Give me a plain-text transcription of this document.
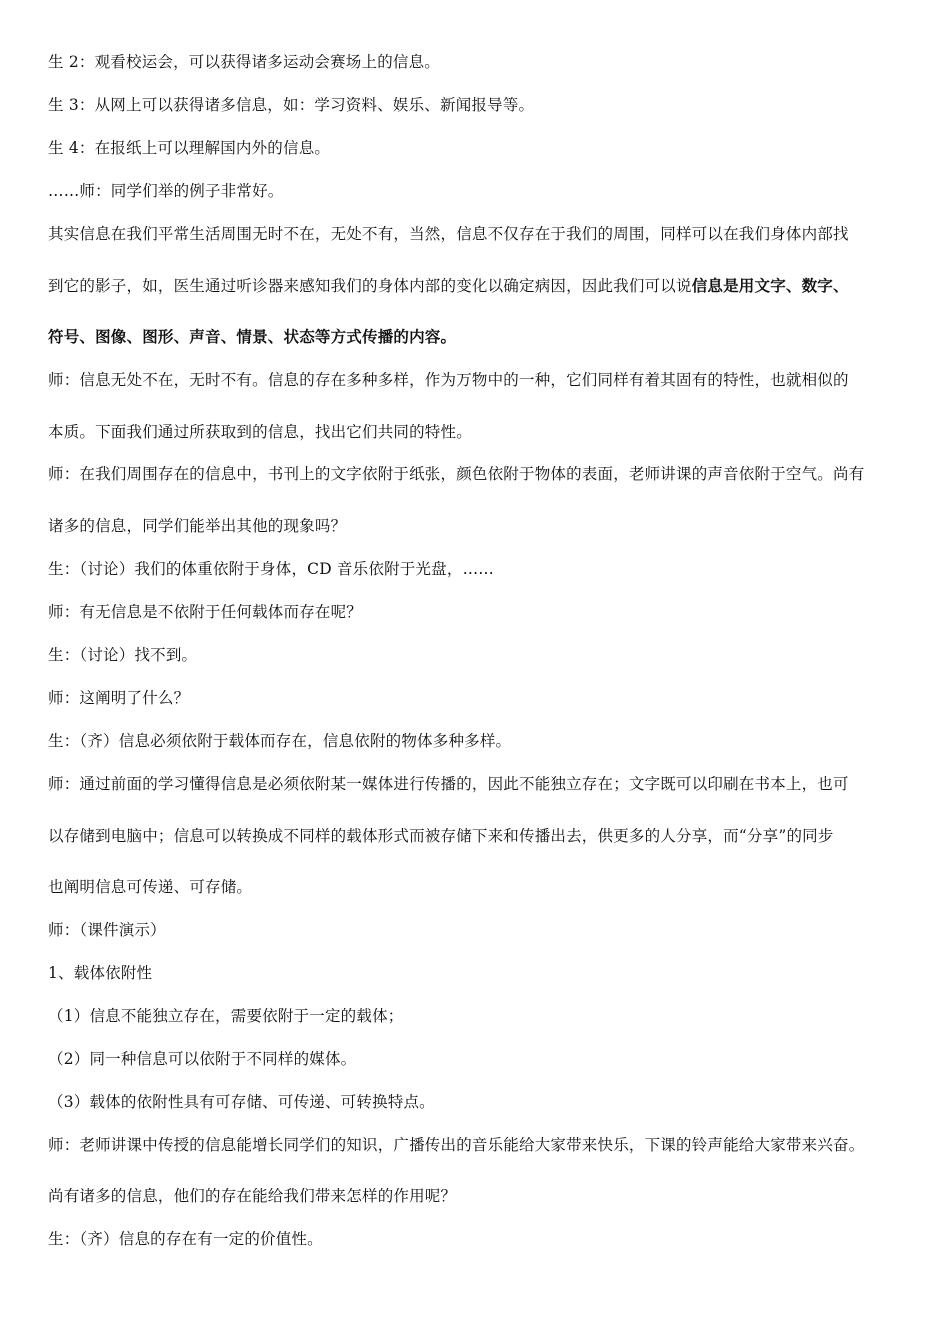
生 2：观看校运会，可以获得诸多运动会赛场上的信息。
生 3：从网上可以获得诸多信息，如：学习资料、娱乐、新闻报导等。
生 4：在报纸上可以理解国内外的信息。
……师：同学们举的例子非常好。
其实信息在我们平常生活周围无时不在，无处不有，当然，信息不仅存在于我们的周围，同样可以在我们身体内部找
到它的影子，如，医生通过听诊器来感知我们的身体内部的变化以确定病因，因此我们可以说信息是用文字、数字、
符号、图像、图形、声音、情景、状态等方式传播的内容。
师：信息无处不在，无时不有。信息的存在多种多样，作为万物中的一种，它们同样有着其固有的特性，也就相似的
本质。下面我们通过所获取到的信息，找出它们共同的特性。
师：在我们周围存在的信息中，书刊上的文字依附于纸张，颜色依附于物体的表面，老师讲课的声音依附于空气。尚有
诸多的信息，同学们能举出其他的现象吗？
生：（讨论）我们的体重依附于身体，CD 音乐依附于光盘，……
师：有无信息是不依附于任何载体而存在呢？
生：（讨论）找不到。
师：这阐明了什么？
生：（齐）信息必须依附于载体而存在，信息依附的物体多种多样。
师：通过前面的学习懂得信息是必须依附某一媒体进行传播的，因此不能独立存在；文字既可以印刷在书本上，也可
以存储到电脑中；信息可以转换成不同样的载体形式而被存储下来和传播出去，供更多的人分享，而“分享”的同步
也阐明信息可传递、可存储。
师：（课件演示）
1、载体依附性
（1）信息不能独立存在，需要依附于一定的载体；
（2）同一种信息可以依附于不同样的媒体。
（3）载体的依附性具有可存储、可传递、可转换特点。
师：老师讲课中传授的信息能增长同学们的知识，广播传出的音乐能给大家带来快乐，下课的铃声能给大家带来兴奋。
尚有诸多的信息，他们的存在能给我们带来怎样的作用呢？
生：（齐）信息的存在有一定的价值性。
